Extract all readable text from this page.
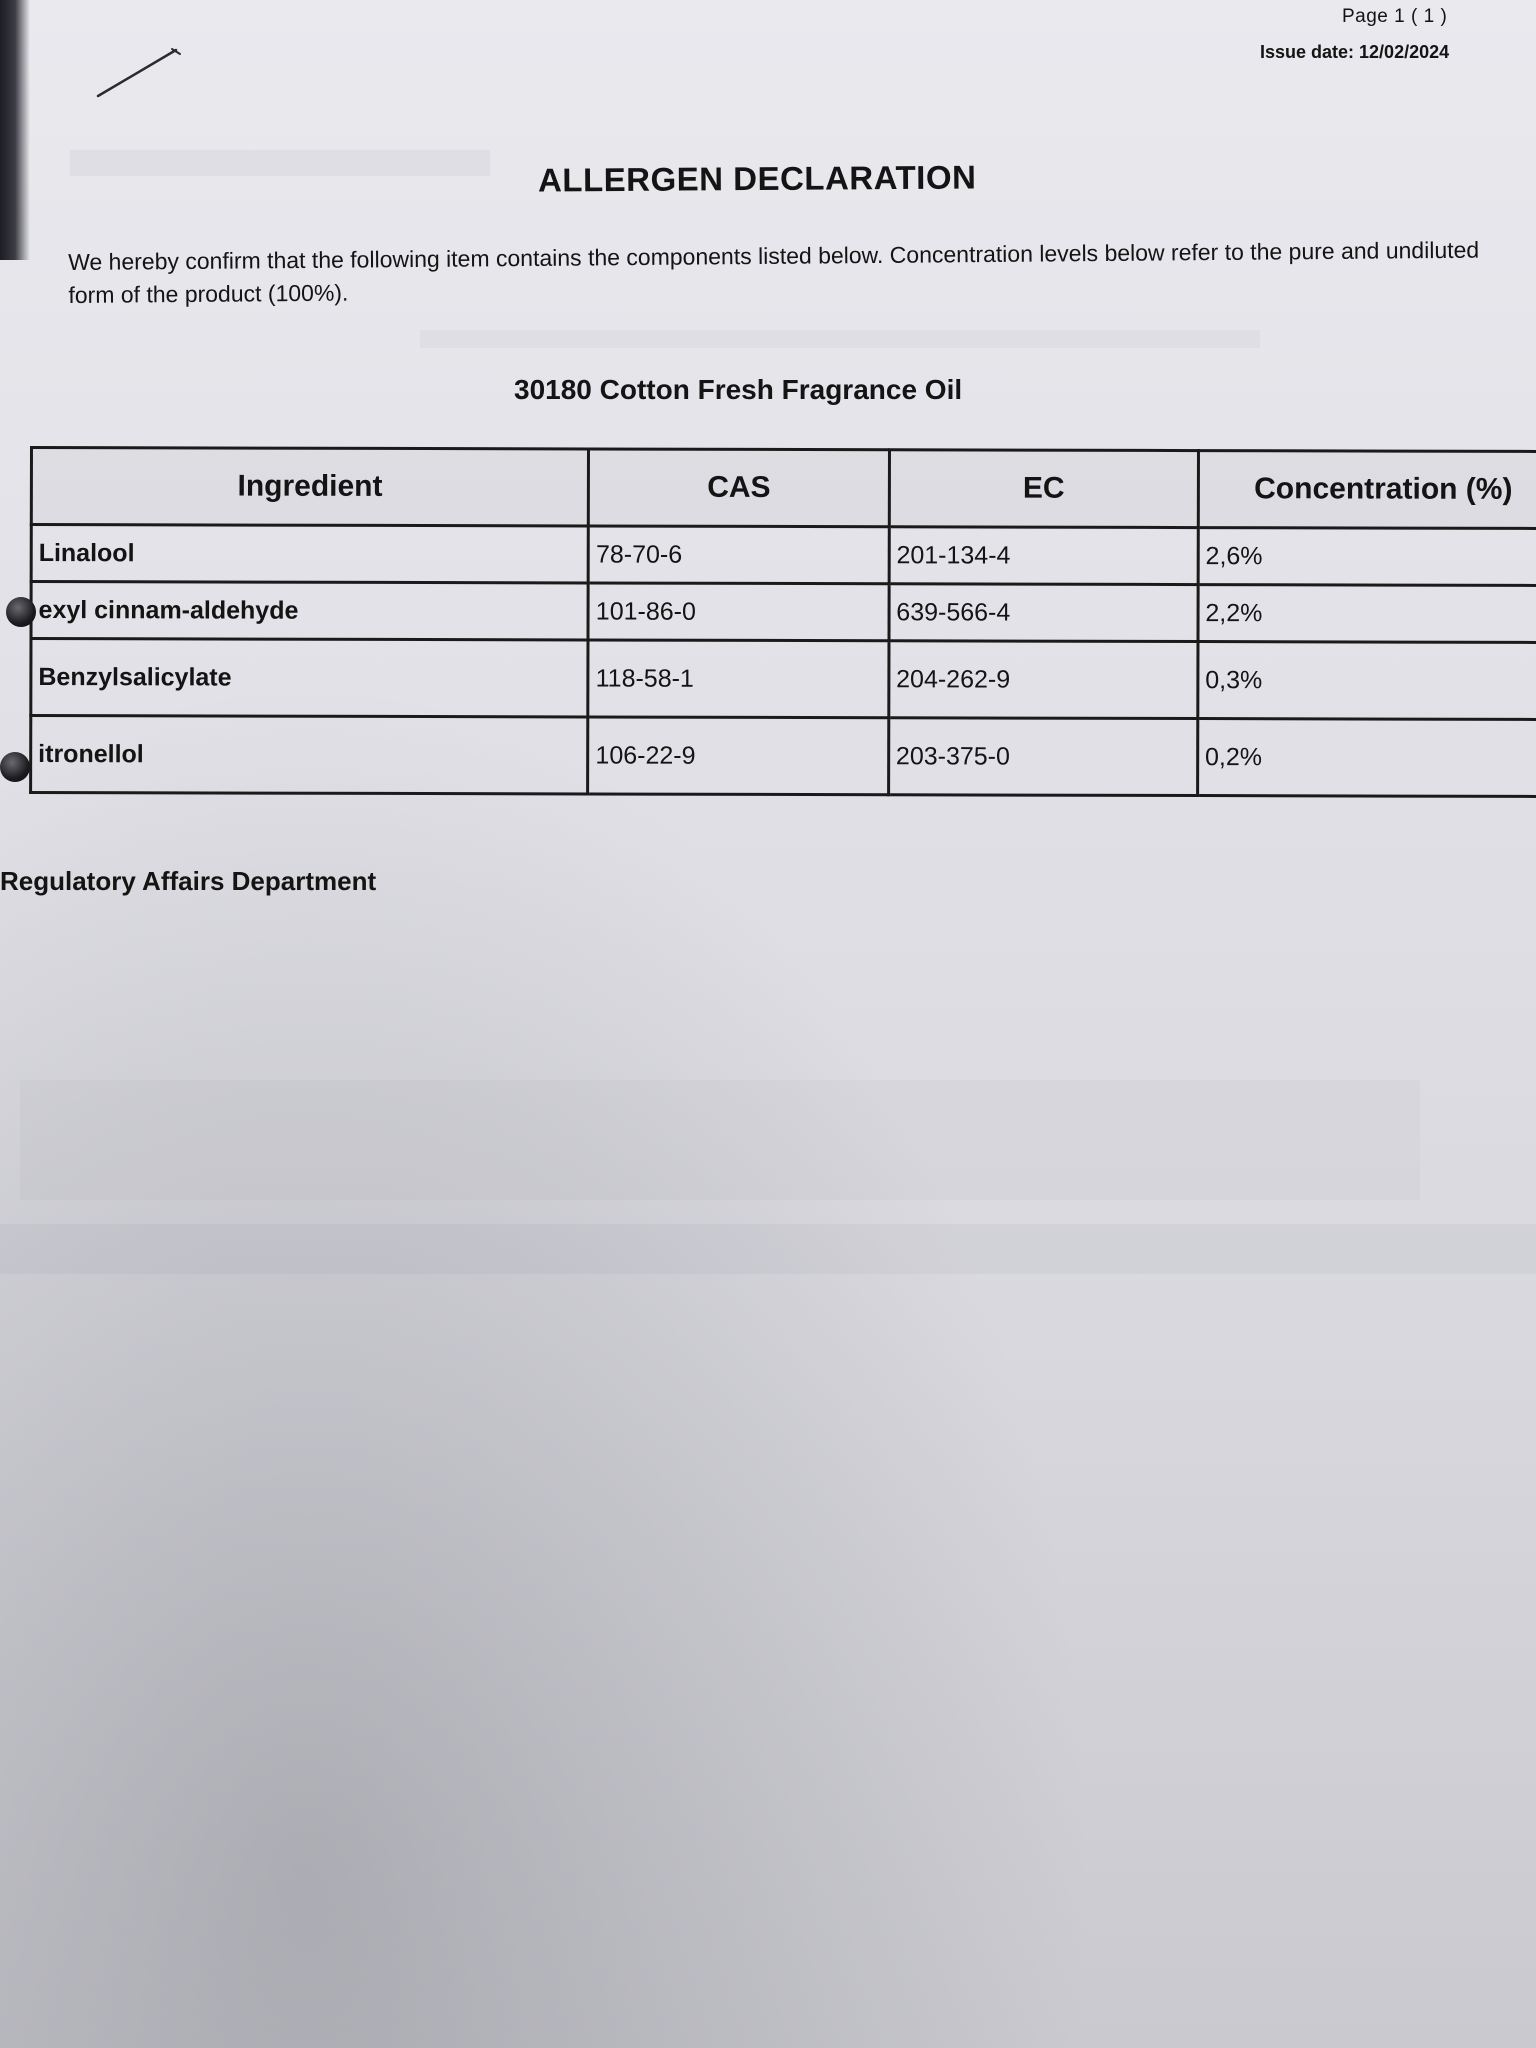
Page 1 ( 1 )
Issue date: 12/02/2024
ALLERGEN DECLARATION
We hereby confirm that the following item contains the components listed below. Concentration levels below refer to the pure and undiluted form of the product (100%).
30180 Cotton Fresh Fragrance Oil
Ingredient	CAS	EC	Concentration (%)
Linalool	78-70-6	201-134-4	2,6%
exyl cinnam-aldehyde	101-86-0	639-566-4	2,2%
Benzylsalicylate	118-58-1	204-262-9	0,3%
itronellol	106-22-9	203-375-0	0,2%
Regulatory Affairs Department
